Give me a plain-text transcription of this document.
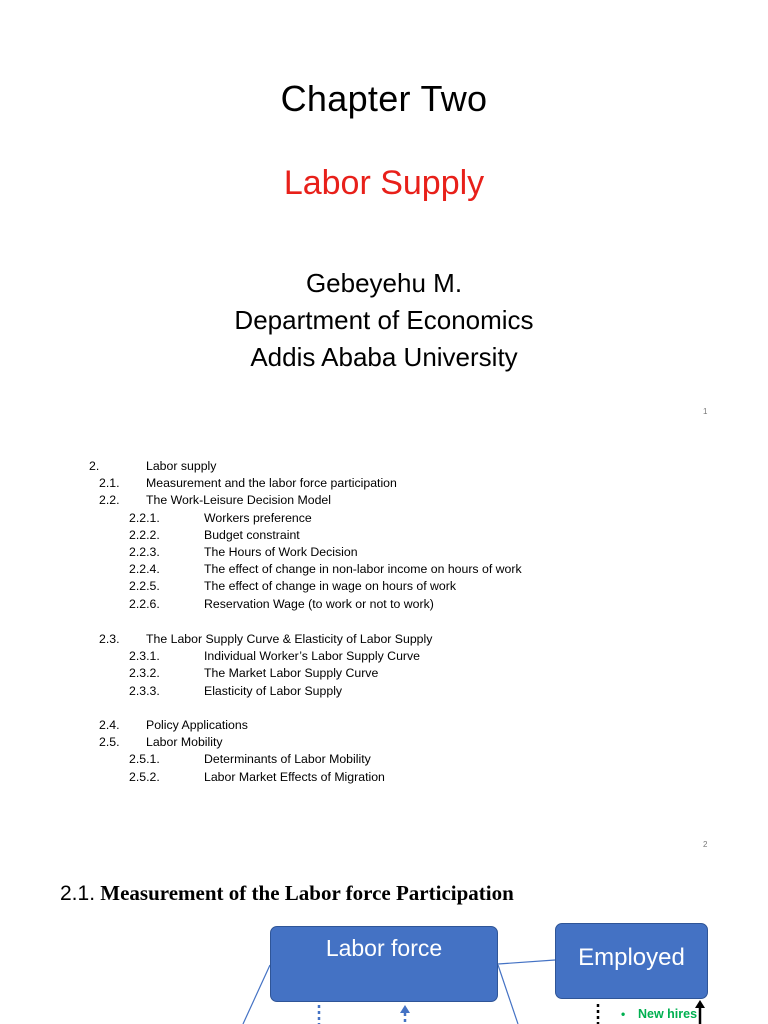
Chapter Two
Labor Supply
Gebeyehu M.
Department of Economics
Addis Ababa University
1
2.	Labor supply
2.1. Measurement and the labor force participation
2.2. The Work-Leisure Decision Model
2.2.1.	Workers preference
2.2.2.	Budget constraint
2.2.3.	The Hours of Work Decision
2.2.4.	The effect of change in non-labor income on hours of work
2.2.5.	The effect of change in wage on hours of work
2.2.6.	Reservation Wage (to work or not to work)
2.3. The Labor Supply Curve & Elasticity of Labor Supply
2.3.1.	Individual Worker’s Labor Supply Curve
2.3.2.	The Market Labor Supply Curve
2.3.3.	Elasticity of Labor Supply
2.4. Policy Applications
2.5. Labor Mobility
2.5.1.	Determinants of Labor Mobility
2.5.2.	Labor Market Effects of Migration
2
2.1. Measurement of the Labor force Participation
Labor force	Employed
• New hires
